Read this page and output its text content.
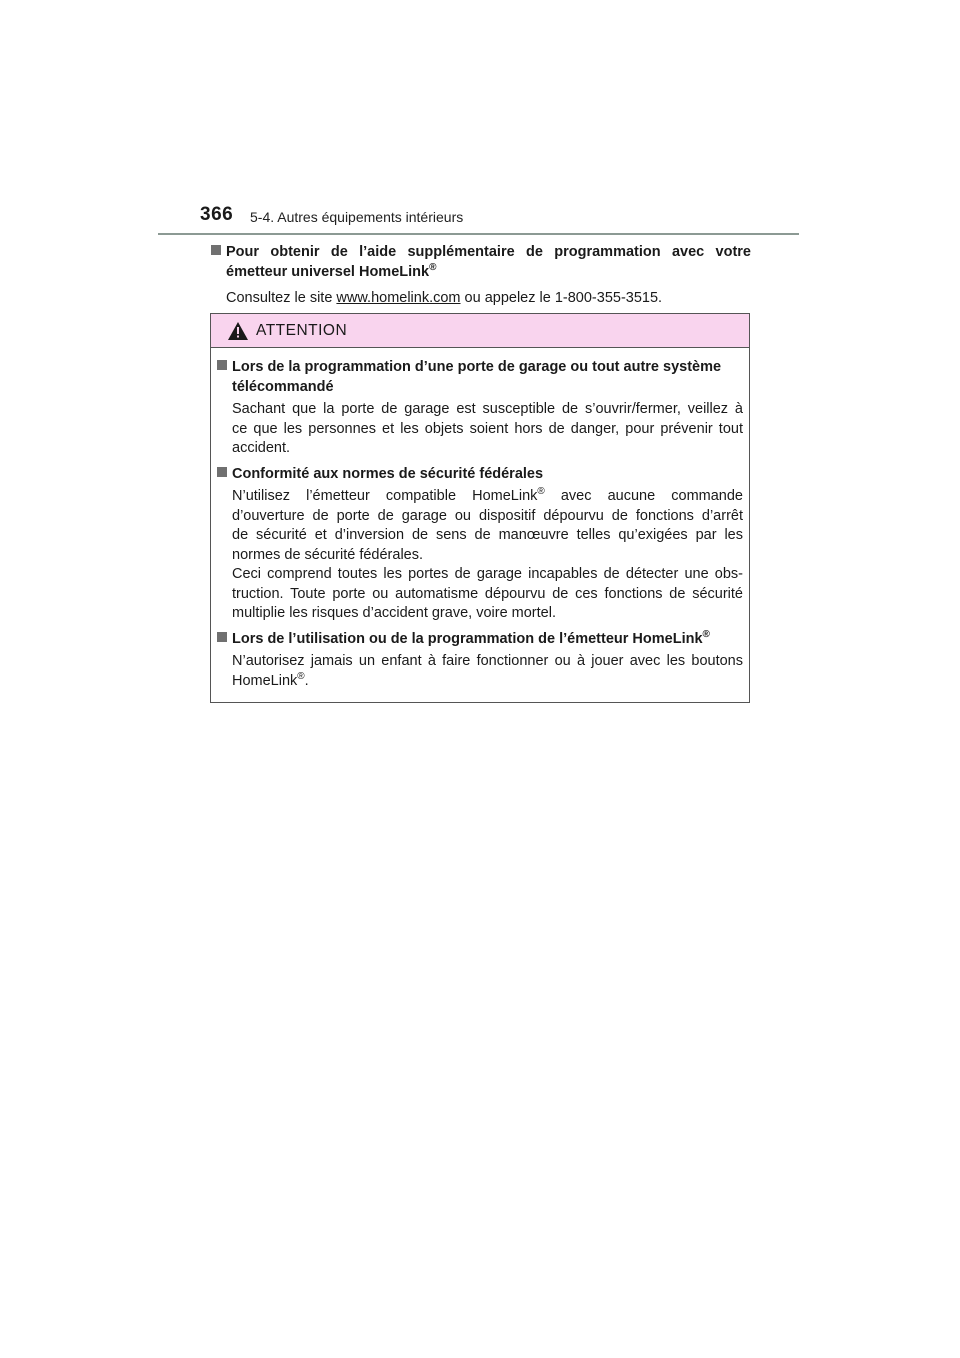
366 5-4. Autres équipements intérieurs
Pour obtenir de l’aide supplémentaire de programmation avec votre
émetteur universel HomeLink®
Consultez le site www.homelink.com ou appelez le 1-800-355-3515.
ATTENTION
Lors de la programmation d’une porte de garage ou tout autre système
télécommandé
Sachant que la porte de garage est susceptible de s’ouvrir/fermer, veillez à
ce que les personnes et les objets soient hors de danger, pour prévenir tout
accident.
Conformité aux normes de sécurité fédérales
N’utilisez l’émetteur compatible HomeLink® avec aucune commande
d’ouverture de porte de garage ou dispositif dépourvu de fonctions d’arrêt
de sécurité et d’inversion de sens de manœuvre telles qu’exigées par les
normes de sécurité fédérales.
Ceci comprend toutes les portes de garage incapables de détecter une obs-
truction. Toute porte ou automatisme dépourvu de ces fonctions de sécurité
multiplie les risques d’accident grave, voire mortel.
Lors de l’utilisation ou de la programmation de l’émetteur HomeLink®
N’autorisez jamais un enfant à faire fonctionner ou à jouer avec les boutons
HomeLink®.
